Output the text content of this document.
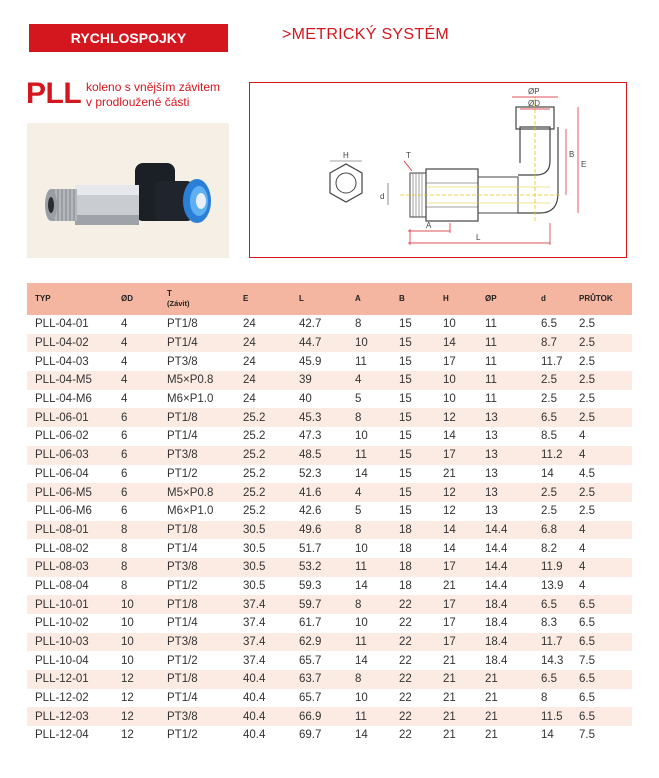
RYCHLOSPOJKY	>METRICKÝ SYSTÉM
PLL koleno s vnějším závitem
v prodloužené části
H
d
ØP
ØD
B
E
T
A
L
TYP	ØD	T
(Závit)	E	L	A	B	H	ØP	d	PRŮTOK
PLL-04-01	4	PT1/8	24	42.7	8	15	10	11	6.5	2.5
PLL-04-02	4	PT1/4	24	44.7	10	15	14	11	8.7	2.5
PLL-04-03	4	PT3/8	24	45.9	11	15	17	11	11.7	2.5
PLL-04-M5	4	M5×P0.8	24	39	4	15	10	11	2.5	2.5
PLL-04-M6	4	M6×P1.0	24	40	5	15	10	11	2.5	2.5
PLL-06-01	6	PT1/8	25.2	45.3	8	15	12	13	6.5	2.5
PLL-06-02	6	PT1/4	25.2	47.3	10	15	14	13	8.5	4
PLL-06-03	6	PT3/8	25.2	48.5	11	15	17	13	11.2	4
PLL-06-04	6	PT1/2	25.2	52.3	14	15	21	13	14	4.5
PLL-06-M5	6	M5×P0.8	25.2	41.6	4	15	12	13	2.5	2.5
PLL-06-M6	6	M6×P1.0	25.2	42.6	5	15	12	13	2.5	2.5
PLL-08-01	8	PT1/8	30.5	49.6	8	18	14	14.4	6.8	4
PLL-08-02	8	PT1/4	30.5	51.7	10	18	14	14.4	8.2	4
PLL-08-03	8	PT3/8	30.5	53.2	11	18	17	14.4	11.9	4
PLL-08-04	8	PT1/2	30.5	59.3	14	18	21	14.4	13.9	4
PLL-10-01	10	PT1/8	37.4	59.7	8	22	17	18.4	6.5	6.5
PLL-10-02	10	PT1/4	37.4	61.7	10	22	17	18.4	8.3	6.5
PLL-10-03	10	PT3/8	37.4	62.9	11	22	17	18.4	11.7	6.5
PLL-10-04	10	PT1/2	37.4	65.7	14	22	21	18.4	14.3	7.5
PLL-12-01	12	PT1/8	40.4	63.7	8	22	21	21	6.5	6.5
PLL-12-02	12	PT1/4	40.4	65.7	10	22	21	21	8	6.5
PLL-12-03	12	PT3/8	40.4	66.9	11	22	21	21	11.5	6.5
PLL-12-04	12	PT1/2	40.4	69.7	14	22	21	21	14	7.5
